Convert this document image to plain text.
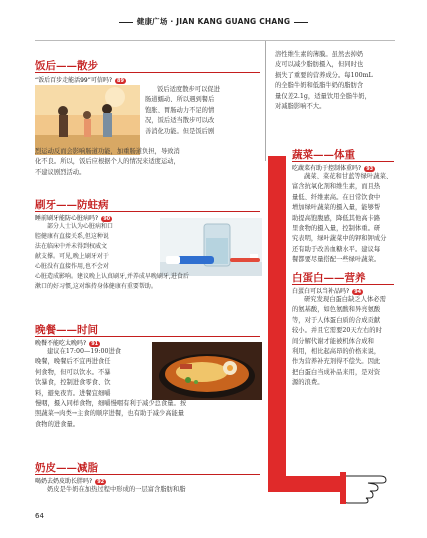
健康广场 · JIAN KANG GUANG CHANG
饭后——散步
“饭后百步走能活99”可信吗? 89
饭后适度散步可以促进
肠道蠕动、所以遇到餐后
饱胀、胃肠动力不足的情
况，饭后适当散步可以改
善消化功能。但是饭后剧
烈运动反而会影响肠道功能，加重肠道负担，导致消
化不良。所以，饭后应根据个人的情况来适度运动，
不建议剧烈活动。
刷牙——防蛀病
睡前刷牙能防心脏病吗? 90
部分人士认为心脏病和口
腔健康有直接关系,但这种说
法在临床中并未得到权威文
献支撑。可见,晚上刷牙对于
心脏没有直接作用,也不会对
心脏造成影响。建议晚上认真刷牙,并养成早晚刷牙,进食后
漱口的好习惯,这对维持身体健康有重要帮助。
晚餐——时间
晚餐不能吃太晚吗? 91
建议在17:00—19:00进食
晚餐，晚餐后不宜再进食任
何食物，但可以饮水。不暴
饮暴食，控制进食零食、饮
料，避免夜宵。进餐宜细嚼
慢咽，摄入同样食物，细嚼慢咽有利于减少总食量。按
照蔬菜→肉类→主食的顺序进餐，也有助于减少高能量
食物的进食量。
奶皮——减脂
喝奶去奶皮助长胖吗? 92
奶皮是牛奶在加热过程中形成的一层富含脂肪和脂
溶性维生素的薄膜。虽然去掉奶
皮可以减少脂肪摄入，但同时也
损失了重要的营养成分。每100mL
的全脂牛奶和低脂牛奶的脂肪含
量仅差2.1g，适量饮用全脂牛奶，
对减脂影响不大。
蔬菜——体重
吃蔬菜有助于控制体重吗? 93
蔬菜、菜花和甘蓝等绿叶蔬菜、
富含抗氧化剂和维生素，而且热
量低、纤维素高。在日常饮食中
增加绿叶蔬菜的摄入量，能够帮
助提高饱腹感，降低其他高卡路
里食物的摄入量，控制体重。研
究表明，绿叶蔬菜中的钾和钾成分
还有助于改善血糖水平。建议每
餐都要尽量搭配一些绿叶蔬菜。
白蛋白——营养
白蛋白可以当补品吗? 94
研究发现白蛋白缺乏人体必需
的氨基酸，如色氨酸和异亮氨酸
等，对于人体蛋白质的合成贡献
较小。并且它需要20天左右的时
间分解代谢才能被机体合成和
利用，相比起高昂的价格来说，
作为营养补充剂得不偿失。因此
把白蛋白当成补品来用，是对资
源的浪费。
64
